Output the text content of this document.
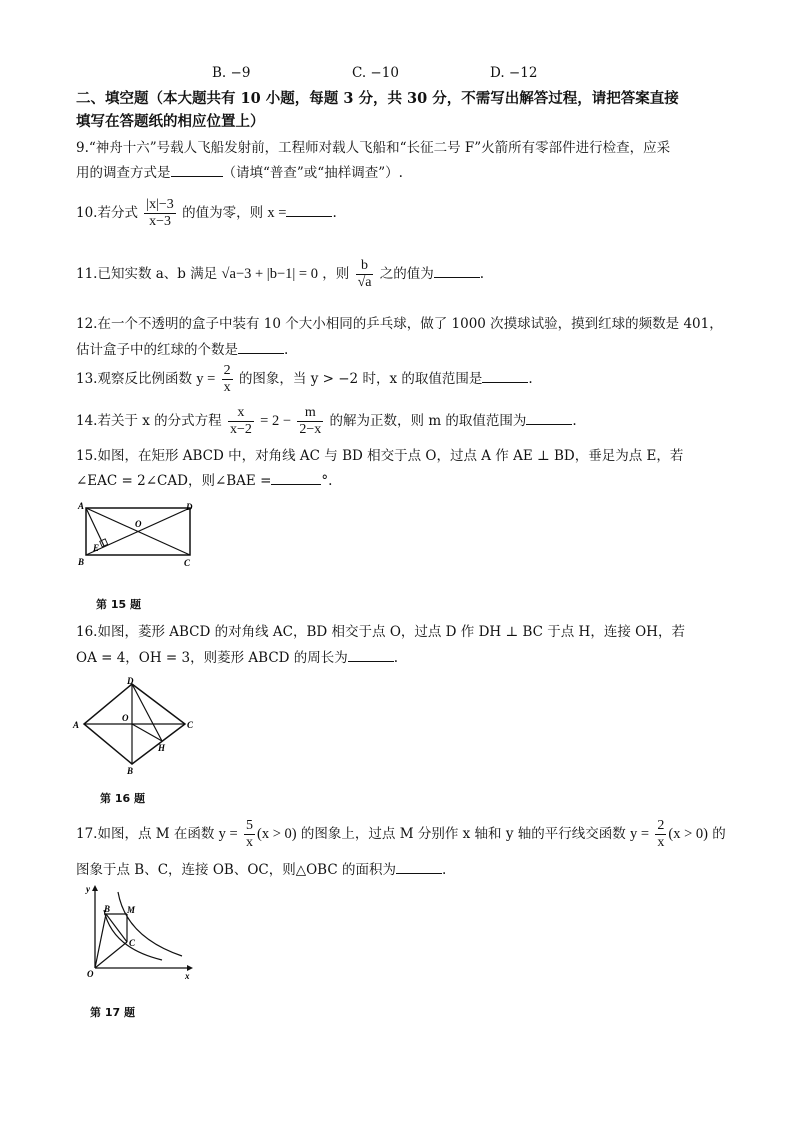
B. −9	C. −10	D. −12
二、填空题（本大题共有 10 小题，每题 3 分，共 30 分，不需写出解答过程，请把答案直接
填写在答题纸的相应位置上）
9.“神舟十六”号载人飞船发射前，工程师对载人飞船和“长征二号 F”火箭所有零部件进行检查，应采
用的调查方式是	（请填“普查”或“抽样调查”）.
10.若分式 $\frac{|x|-3}{x-3}$ 的值为零，则 x =	.
11.已知实数 a、b 满足 √a−3 + |b−1| = 0 ，则 $\frac{b}{√a}$ 之的值为	.
12.在一个不透明的盒子中装有 10 个大小相同的乒乓球，做了 1000 次摸球试验，摸到红球的频数是 401，
估计盒子中的红球的个数是	.
13.观察反比例函数 $y = \frac{2}{x}$ 的图象，当 y > −2 时，x 的取值范围是	.
14.若关于 x 的分式方程 $\frac{x}{x-2} = 2 - \frac{m}{2-x}$ 的解为正数，则 m 的取值范围为	.
15.如图，在矩形 ABCD 中，对角线 AC 与 BD 相交于点 O，过点 A 作 AE ⊥ BD，垂足为点 E，若
∠EAC = 2∠CAD，则∠BAE =	°.
A
B	C
D
O
E
第 15 题
16.如图，菱形 ABCD 的对角线 AC，BD 相交于点 O，过点 D 作 DH ⊥ BC 于点 H，连接 OH，若
OA = 4，OH = 3，则菱形 ABCD 的周长为	.
D
A	C
B
O
H
第 16 题
17.如图，点 M 在函数 $y = \frac{5}{x} (x > 0)$ 的图象上，过点 M 分别作 x 轴和 y 轴的平行线交函数 $y = \frac{2}{x} (x > 0)$ 的
图象于点 B、C，连接 OB、OC，则△OBC 的面积为	.
y
x
O
B M
C
第 17 题
